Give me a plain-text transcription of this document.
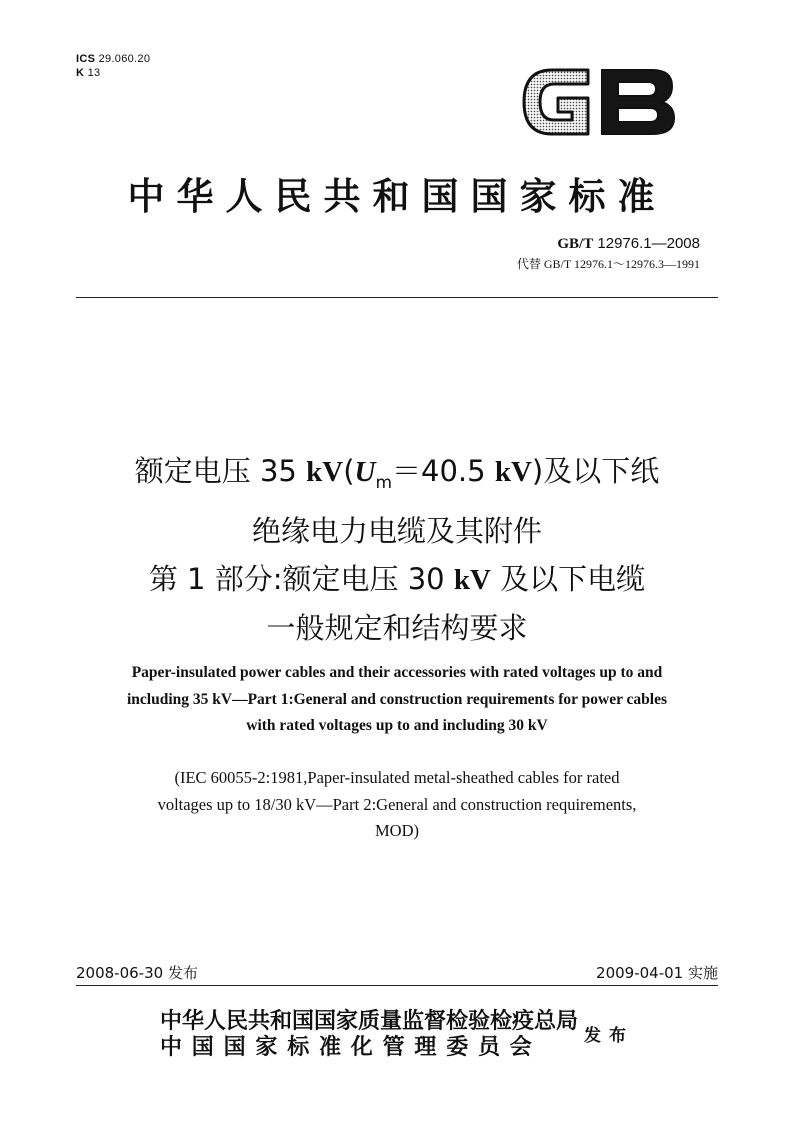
ICS 29.060.20
K 13
GB
中华人民共和国国家标准
GB/T 12976.1—2008
代替 GB/T 12976.1～12976.3—1991
额定电压 35 $kV(U_m=40.5$ kV)及以下纸
绝缘电力电缆及其附件
第 1 部分:额定电压 30 kV 及以下电缆
一般规定和结构要求
Paper-insulated power cables and their accessories with rated voltages up to and
including 35 kV—Part 1:General and construction requirements for power cables
with rated voltages up to and including 30 kV
(IEC 60055-2:1981,Paper-insulated metal-sheathed cables for rated
voltages up to 18/30 kV—Part 2:General and construction requirements,
MOD)
2008-06-30 发布	2009-04-01 实施
中华人民共和国国家质量监督检验检疫总局
中国国家标准化管理委员会	发布
